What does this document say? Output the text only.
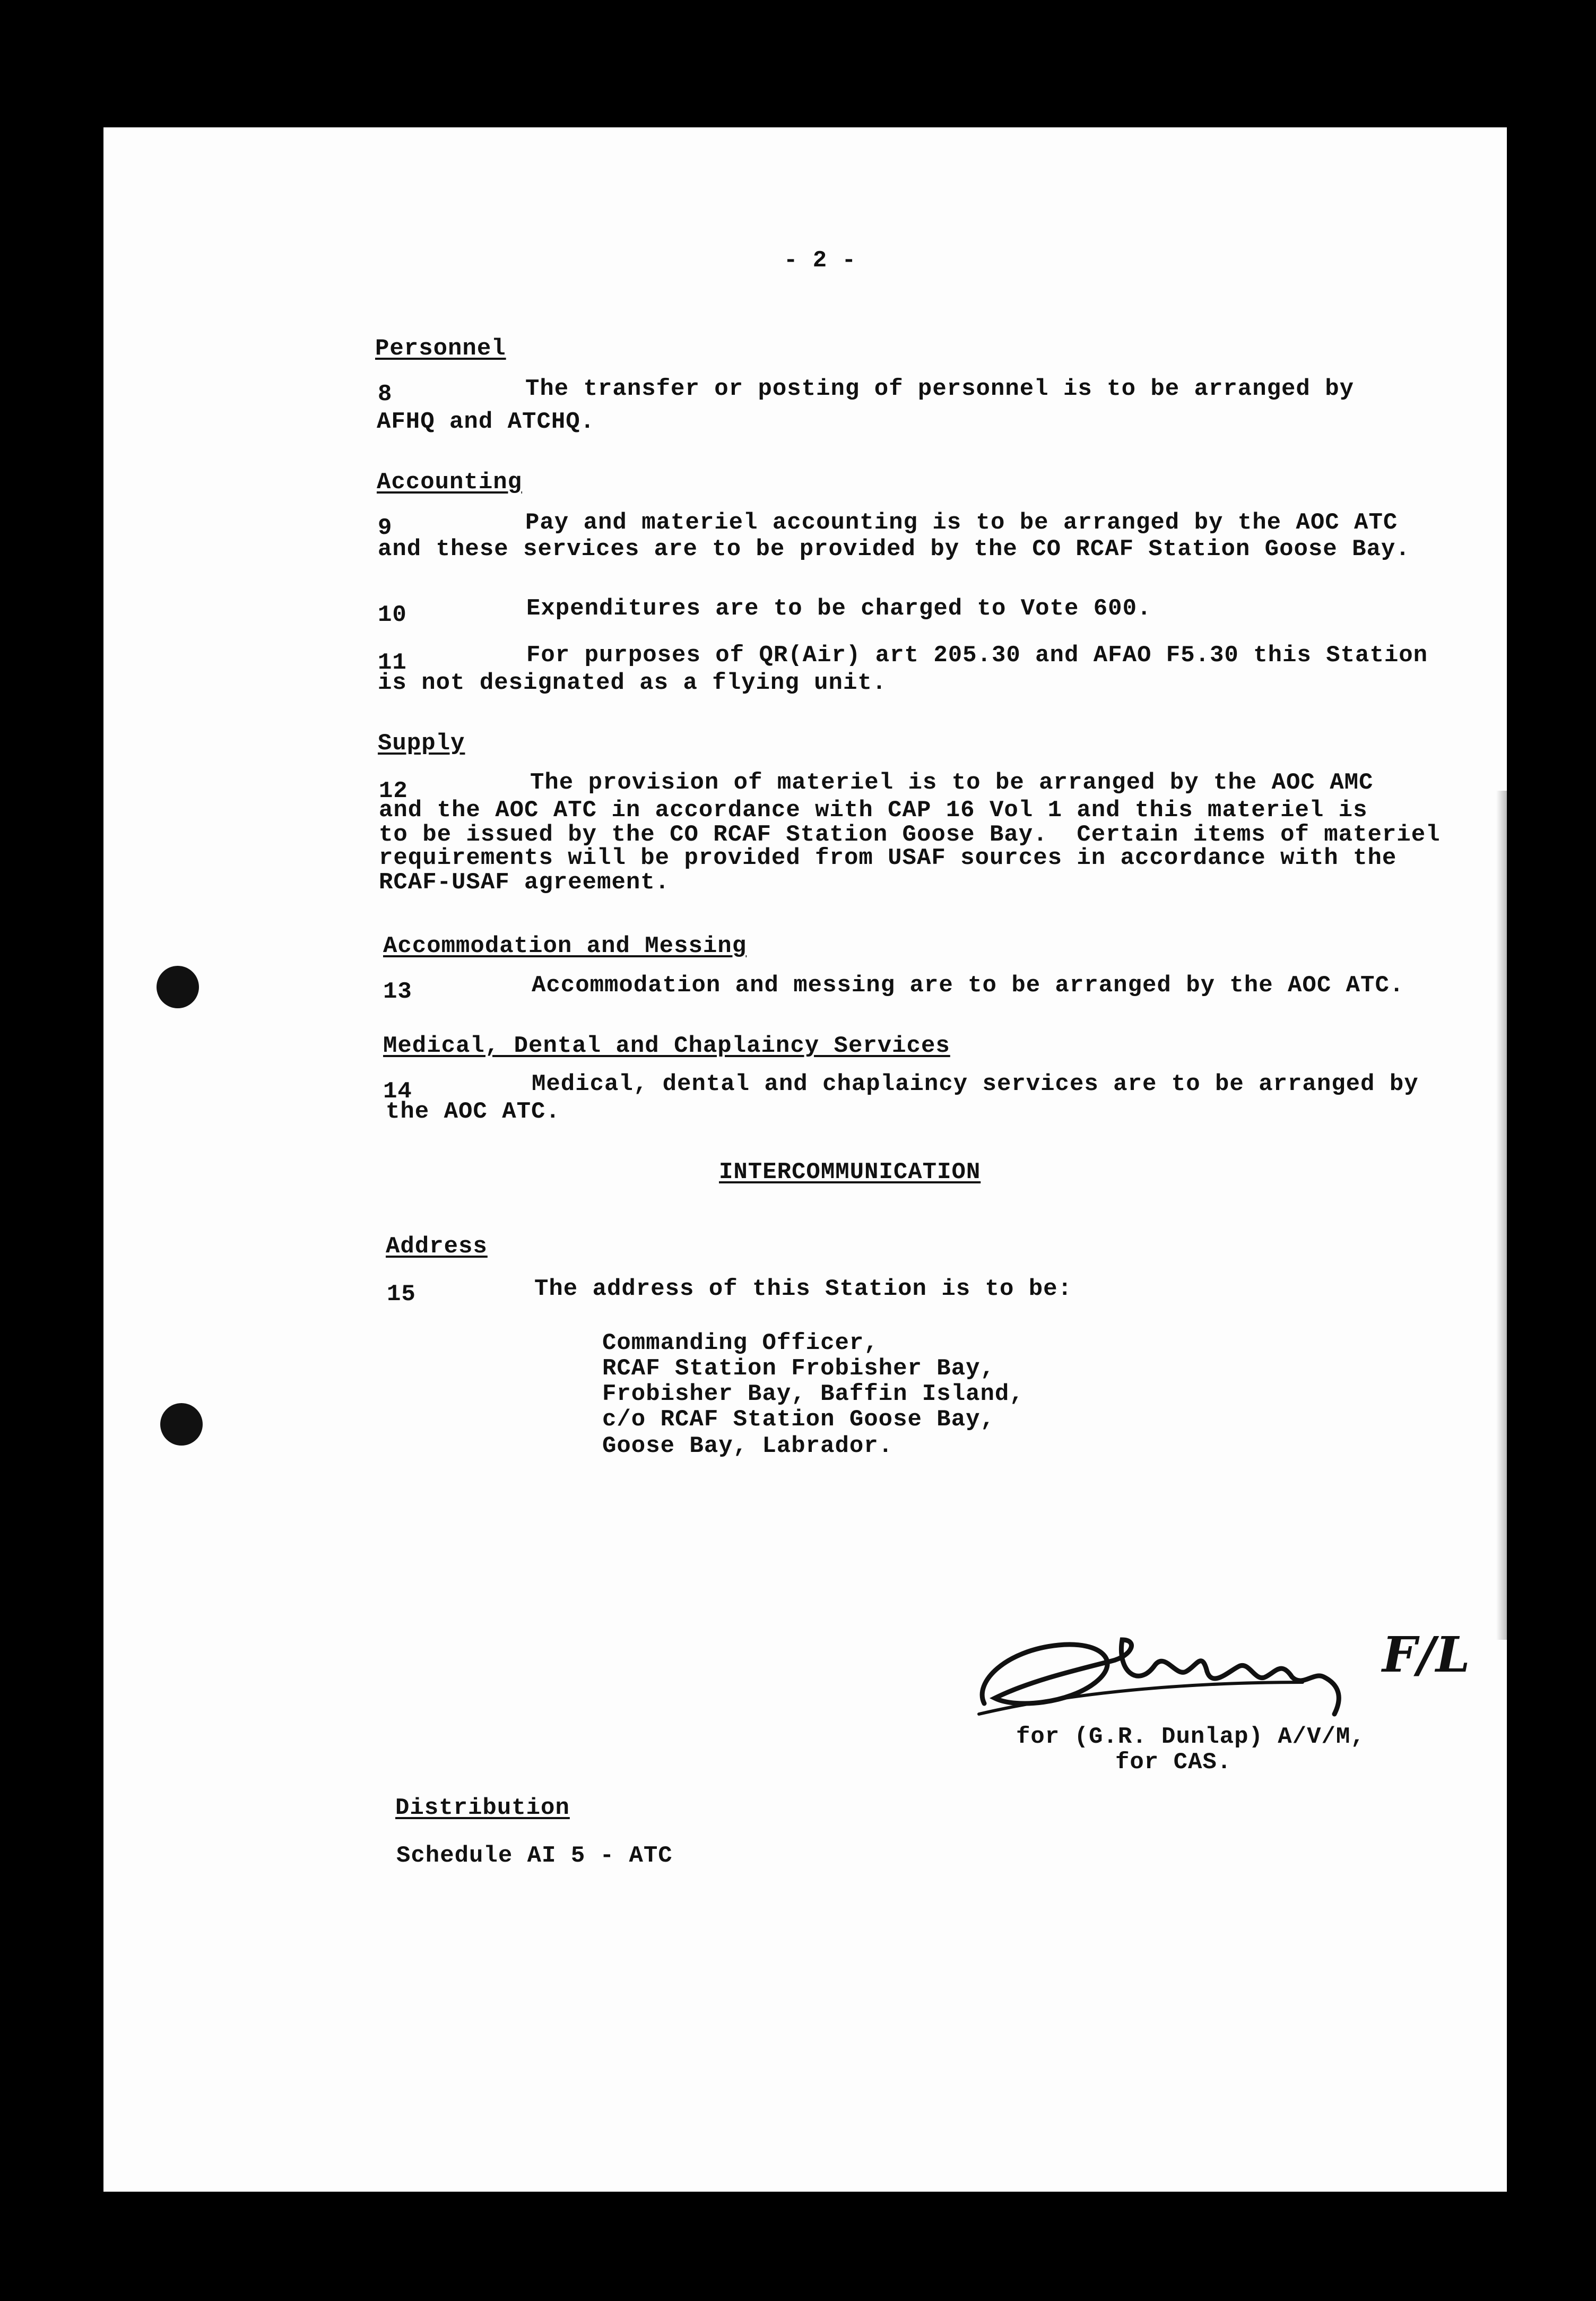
- 2 -
Personnel
8	The transfer or posting of personnel is to be arranged by
AFHQ and ATCHQ.
Accounting
9	Pay and materiel accounting is to be arranged by the AOC ATC
and these services are to be provided by the CO RCAF Station Goose Bay.
10	Expenditures are to be charged to Vote 600.
11	For purposes of QR(Air) art 205.30 and AFAO F5.30 this Station
is not designated as a flying unit.
Supply
12	The provision of materiel is to be arranged by the AOC AMC
and the AOC ATC in accordance with CAP 16 Vol 1 and this materiel is
to be issued by the CO RCAF Station Goose Bay.  Certain items of materiel
requirements will be provided from USAF sources in accordance with the
RCAF-USAF agreement.
Accommodation and Messing
13	Accommodation and messing are to be arranged by the AOC ATC.
Medical, Dental and Chaplaincy Services
14	Medical, dental and chaplaincy services are to be arranged by
the AOC ATC.
INTERCOMMUNICATION
Address
15	The address of this Station is to be:
Commanding Officer,
RCAF Station Frobisher Bay,
Frobisher Bay, Baffin Island,
c/o RCAF Station Goose Bay,
Goose Bay, Labrador.
F/L
for (G.R. Dunlap) A/V/M,
for CAS.
Distribution
Schedule AI 5 - ATC
